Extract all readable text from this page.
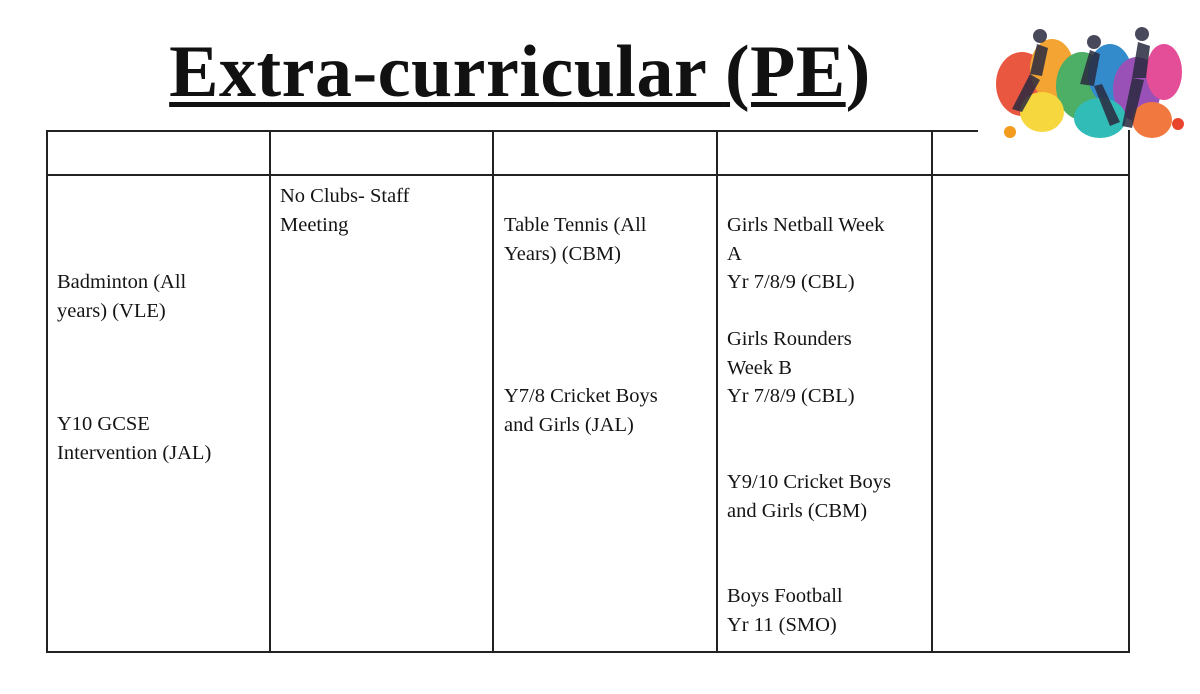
Extra-curricular (PE)
Badminton (All
years) (VLE)
Y10 GCSE
Intervention (JAL)
No Clubs- Staff
Meeting	Table Tennis (All
Years) (CBM)
Y7/8 Cricket Boys
and Girls (JAL)
Girls Netball Week
A
Yr 7/8/9 (CBL)
Girls Rounders
Week B
Yr 7/8/9 (CBL)
Y9/10 Cricket Boys
and Girls (CBM)
Boys Football
Yr 11 (SMO)
